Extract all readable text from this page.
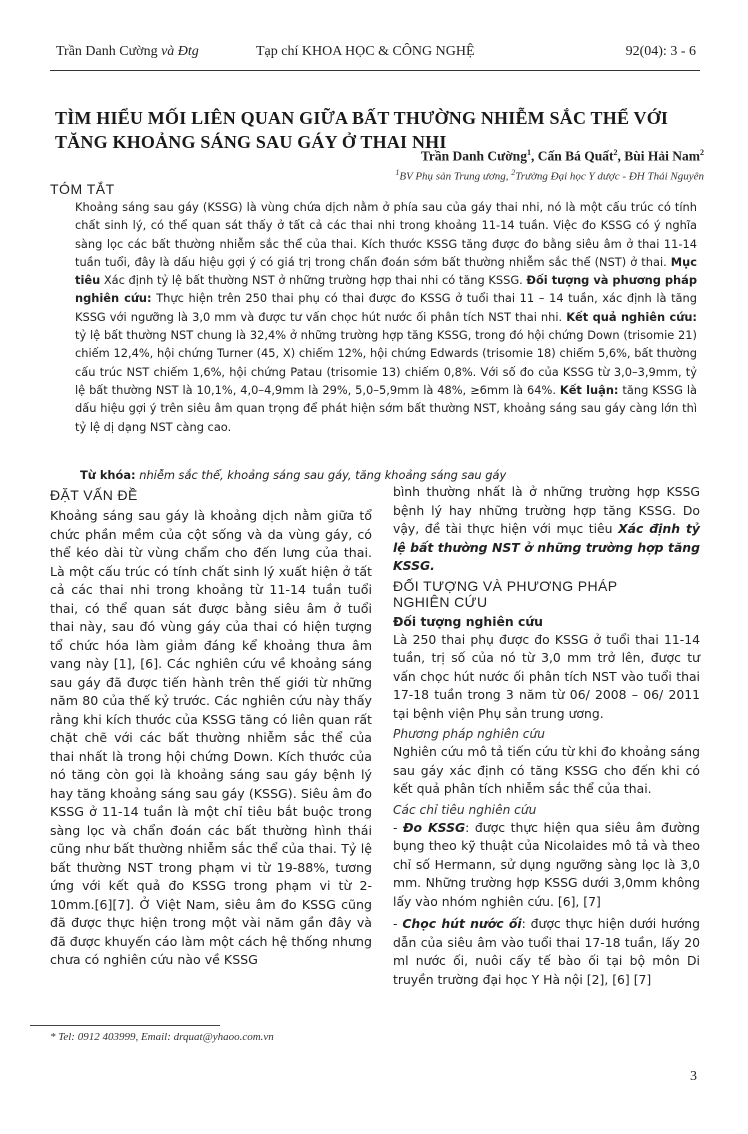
Trần Danh Cường và Đtg	Tạp chí KHOA HỌC & CÔNG NGHỆ	92(04): 3 - 6
TÌM HIỂU MỐI LIÊN QUAN GIỮA BẤT THƯỜNG NHIỄM SẮC THỂ VỚI
TĂNG KHOẢNG SÁNG SAU GÁY Ở THAI NHI
Trần Danh Cường$^1$, Cấn Bá Quất$^2$, Bùi Hải Nam$^2$
$^1$BV Phụ sản Trung ương, $^2$Trường Đại học Y dược - ĐH Thái Nguyên
TÓM TẮT
Khoảng sáng sau gáy (KSSG) là vùng chứa dịch nằm ở phía sau của gáy thai nhi, nó là một cấu trúc có tính chất sinh lý, có thể quan sát thấy ở tất cả các thai nhi trong khoảng 11-14 tuần. Việc đo KSSG có ý nghĩa sàng lọc các bất thường nhiễm sắc thể của thai. Kích thước KSSG tăng được đo bằng siêu âm ở thai 11-14 tuần tuổi, đây là dấu hiệu gợi ý có giá trị trong chẩn đoán sớm bất thường nhiễm sắc thể (NST) ở thai. Mục tiêu Xác định tỷ lệ bất thường NST ở những trường hợp thai nhi có tăng KSSG. Đối tượng và phương pháp nghiên cứu: Thực hiện trên 250 thai phụ có thai được đo KSSG ở tuổi thai 11 – 14 tuần, xác định là tăng KSSG với ngưỡng là 3,0 mm và được tư vấn chọc hút nước ối phân tích NST thai nhi. Kết quả nghiên cứu: tỷ lệ bất thường NST chung là 32,4% ở những trường hợp tăng KSSG, trong đó hội chứng Down (trisomie 21) chiếm 12,4%, hội chứng Turner (45, X) chiếm 12%, hội chứng Edwards (trisomie 18) chiếm 5,6%, bất thường cấu trúc NST chiếm 1,6%, hội chứng Patau (trisomie 13) chiếm 0,8%. Với số đo của KSSG từ 3,0–3,9mm, tỷ lệ bất thường NST là 10,1%, 4,0–4,9mm là 29%, 5,0–5,9mm là 48%, ≥6mm là 64%. Kết luận: tăng KSSG là dấu hiệu gợi ý trên siêu âm quan trọng để phát hiện sớm bất thường NST, khoảng sáng sau gáy càng lớn thì tỷ lệ dị dạng NST càng cao.
Từ khóa: nhiễm sắc thể, khoảng sáng sau gáy, tăng khoảng sáng sau gáy
ĐẶT VẤN ĐỀ

Khoảng sáng sau gáy là khoảng dịch nằm giữa tổ chức phần mềm của cột sống và da vùng gáy, có thể kéo dài từ vùng chẩm cho đến lưng của thai. Là một cấu trúc có tính chất sinh lý xuất hiện ở tất cả các thai nhi trong khoảng từ 11-14 tuần tuổi thai, có thể quan sát được bằng siêu âm ở tuổi thai này, sau đó vùng gáy của thai có hiện tượng tổ chức hóa làm giảm đáng kể khoảng thưa âm vang này [1], [6]. Các nghiên cứu về khoảng sáng sau gáy đã được tiến hành trên thế giới từ những năm 80 của thế kỷ trước. Các nghiên cứu này thấy rằng khi kích thước của KSSG tăng có liên quan rất chặt chẽ với các bất thường nhiễm sắc thể của thai nhất là trong hội chứng Down. Kích thước của nó tăng còn gọi là khoảng sáng sau gáy bệnh lý hay tăng khoảng sáng sau gáy (KSSG). Siêu âm đo KSSG ở 11-14 tuần là một chỉ tiêu bắt buộc trong sàng lọc và chẩn đoán các bất thường hình thái cũng như bất thường nhiễm sắc thể của thai. Tỷ lệ bất thường NST trong phạm vi từ 19-88%, tương ứng với kết quả đo KSSG trong phạm vi từ 2-10mm.[6][7]. Ở Việt Nam, siêu âm đo KSSG cũng đã được thực hiện trong một vài năm gần đây và đã được khuyến cáo làm một cách hệ thống nhưng chưa có nghiên cứu nào về KSSG

bình thường nhất là ở những trường hợp KSSG bệnh lý hay những trường hợp tăng KSSG. Do vậy, đề tài thực hiện với mục tiêu Xác định tỷ lệ bất thường NST ở những trường hợp tăng KSSG.

ĐỐI TƯỢNG VÀ PHƯƠNG PHÁP
NGHIÊN CỨU
Đối tượng nghiên cứu

Là 250 thai phụ được đo KSSG ở tuổi thai 11-14 tuần, trị số của nó từ 3,0 mm trở lên, được tư vấn chọc hút nước ối phân tích NST vào tuổi thai 17-18 tuần trong 3 năm từ 06/ 2008 – 06/ 2011 tại bệnh viện Phụ sản trung ương.

Phương pháp nghiên cứu

Nghiên cứu mô tả tiến cứu từ khi đo khoảng sáng sau gáy xác định có tăng KSSG cho đến khi có kết quả phân tích nhiễm sắc thể của thai.

Các chỉ tiêu nghiên cứu

- Đo KSSG: được thực hiện qua siêu âm đường bụng theo kỹ thuật của Nicolaides mô tả và theo chỉ số Hermann, sử dụng ngưỡng sàng lọc là 3,0 mm. Những trường hợp KSSG dưới 3,0mm không lấy vào nhóm nghiên cứu. [6], [7]

- Chọc hút nước ối: được thực hiện dưới hướng dẫn của siêu âm vào tuổi thai 17-18 tuần, lấy 20 ml nước ối, nuôi cấy tế bào ối tại bộ môn Di truyền trường đại học Y Hà nội [2], [6] [7]

* Tel: 0912 403999, Email: drquat@yhaoo.com.vn
3
